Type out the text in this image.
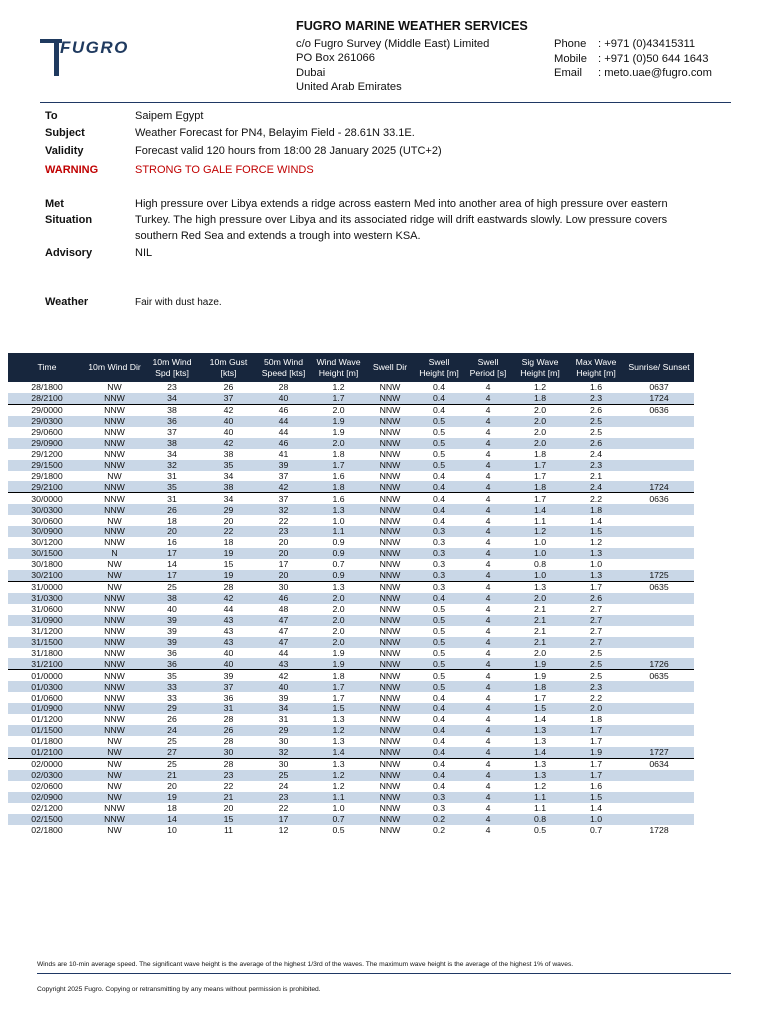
FUGRO
FUGRO MARINE WEATHER SERVICES
c/o Fugro Survey (Middle East) Limited
PO Box 261066
Dubai
United Arab Emirates
Phone	: +971 (0)43415311
Mobile : +971 (0)50 644 1643
Email	: meto.uae@fugro.com
To	Saipem Egypt
Subject	Weather Forecast for PN4, Belayim Field - 28.61N 33.1E.
Validity	Forecast valid 120 hours from 18:00 28 January 2025 (UTC+2)
WARNING	STRONG TO GALE FORCE WINDS
Met
Situation
High pressure over Libya extends a ridge across eastern Med into another area of high pressure over eastern Turkey. The high pressure over Libya and its associated ridge will drift eastwards slowly. Low pressure covers southern Red Sea and extends a trough into western KSA.
Advisory	NIL
Weather	Fair with dust haze.
Time	10m Wind Dir	10m Wind Spd [kts]	10m Gust [kts]	50m Wind Speed [kts]	Wind Wave Height [m]	Swell Dir	Swell Height [m]	Swell Period [s]	Sig Wave Height [m]	Max Wave Height [m]	Sunrise/ Sunset
28/1800	NW	23	26	28	1.2	NNW	0.4	4	1.2	1.6	0637
28/2100	NNW	34	37	40	1.7	NNW	0.4	4	1.8	2.3	1724
29/0000	NNW	38	42	46	2.0	NNW	0.4	4	2.0	2.6	0636
29/0300	NNW	36	40	44	1.9	NNW	0.5	4	2.0	2.5	
29/0600	NNW	37	40	44	1.9	NNW	0.5	4	2.0	2.5	
29/0900	NNW	38	42	46	2.0	NNW	0.5	4	2.0	2.6	
29/1200	NNW	34	38	41	1.8	NNW	0.5	4	1.8	2.4	
29/1500	NNW	32	35	39	1.7	NNW	0.5	4	1.7	2.3	
29/1800	NW	31	34	37	1.6	NNW	0.4	4	1.7	2.1	
29/2100	NNW	35	38	42	1.8	NNW	0.4	4	1.8	2.4	1724
30/0000	NNW	31	34	37	1.6	NNW	0.4	4	1.7	2.2	0636
30/0300	NNW	26	29	32	1.3	NNW	0.4	4	1.4	1.8	
30/0600	NW	18	20	22	1.0	NNW	0.4	4	1.1	1.4	
30/0900	NNW	20	22	23	1.1	NNW	0.3	4	1.2	1.5	
30/1200	NNW	16	18	20	0.9	NNW	0.3	4	1.0	1.2	
30/1500	N	17	19	20	0.9	NNW	0.3	4	1.0	1.3	
30/1800	NW	14	15	17	0.7	NNW	0.3	4	0.8	1.0	
30/2100	NW	17	19	20	0.9	NNW	0.3	4	1.0	1.3	1725
31/0000	NW	25	28	30	1.3	NNW	0.3	4	1.3	1.7	0635
31/0300	NNW	38	42	46	2.0	NNW	0.4	4	2.0	2.6	
31/0600	NNW	40	44	48	2.0	NNW	0.5	4	2.1	2.7	
31/0900	NNW	39	43	47	2.0	NNW	0.5	4	2.1	2.7	
31/1200	NNW	39	43	47	2.0	NNW	0.5	4	2.1	2.7	
31/1500	NNW	39	43	47	2.0	NNW	0.5	4	2.1	2.7	
31/1800	NNW	36	40	44	1.9	NNW	0.5	4	2.0	2.5	
31/2100	NNW	36	40	43	1.9	NNW	0.5	4	1.9	2.5	1726
01/0000	NNW	35	39	42	1.8	NNW	0.5	4	1.9	2.5	0635
01/0300	NNW	33	37	40	1.7	NNW	0.5	4	1.8	2.3	
01/0600	NNW	33	36	39	1.7	NNW	0.4	4	1.7	2.2	
01/0900	NNW	29	31	34	1.5	NNW	0.4	4	1.5	2.0	
01/1200	NNW	26	28	31	1.3	NNW	0.4	4	1.4	1.8	
01/1500	NNW	24	26	29	1.2	NNW	0.4	4	1.3	1.7	
01/1800	NW	25	28	30	1.3	NNW	0.4	4	1.3	1.7	
01/2100	NW	27	30	32	1.4	NNW	0.4	4	1.4	1.9	1727
02/0000	NW	25	28	30	1.3	NNW	0.4	4	1.3	1.7	0634
02/0300	NW	21	23	25	1.2	NNW	0.4	4	1.3	1.7	
02/0600	NW	20	22	24	1.2	NNW	0.4	4	1.2	1.6	
02/0900	NW	19	21	23	1.1	NNW	0.3	4	1.1	1.5	
02/1200	NNW	18	20	22	1.0	NNW	0.3	4	1.1	1.4	
02/1500	NNW	14	15	17	0.7	NNW	0.2	4	0.8	1.0	
02/1800	NW	10	11	12	0.5	NNW	0.2	4	0.5	0.7	1728
Winds are 10-min average speed. The significant wave height is the average of the highest 1/3rd of the waves. The maximum wave height is the average of the highest 1% of waves.
Copyright 2025 Fugro. Copying or retransmitting by any means without permission is prohibited.
